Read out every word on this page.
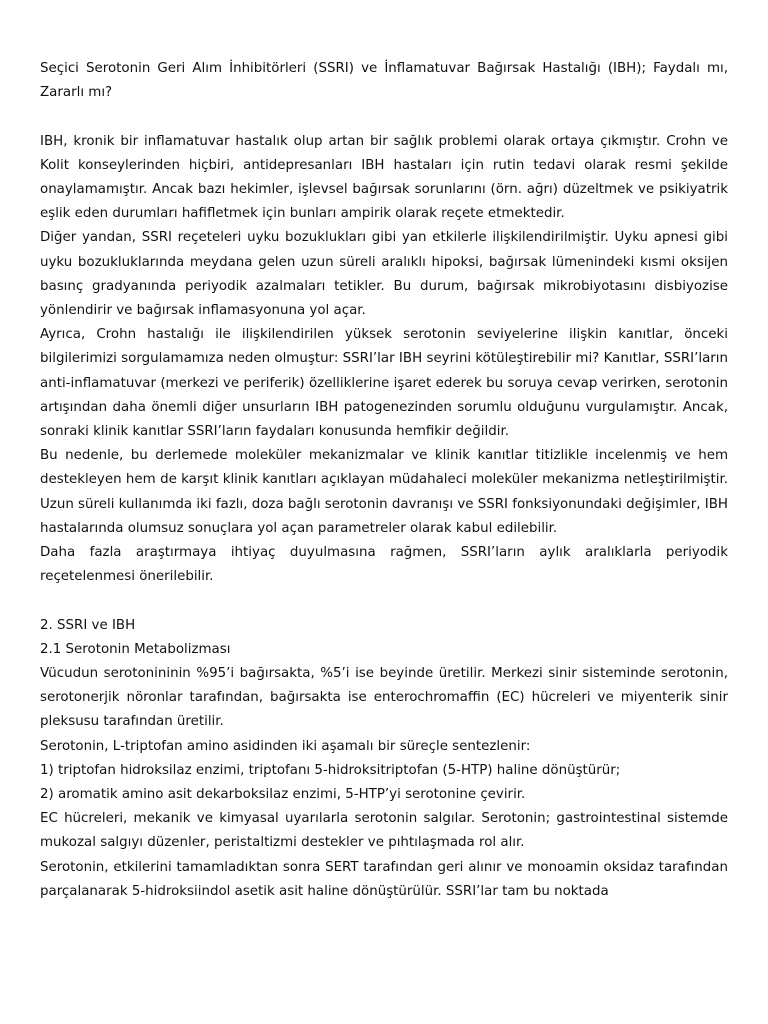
Seçici Serotonin Geri Alım İnhibitörleri (SSRI) ve İnflamatuvar Bağırsak Hastalığı (IBH); Faydalı mı, Zararlı mı?

IBH, kronik bir inflamatuvar hastalık olup artan bir sağlık problemi olarak ortaya çıkmıştır. Crohn ve Kolit konseylerinden hiçbiri, antidepresanları IBH hastaları için rutin tedavi olarak resmi şekilde onaylamamıştır. Ancak bazı hekimler, işlevsel bağırsak sorunlarını (örn. ağrı) düzeltmek ve psikiyatrik eşlik eden durumları hafifletmek için bunları ampirik olarak reçete etmektedir.

Diğer yandan, SSRI reçeteleri uyku bozuklukları gibi yan etkilerle ilişkilendirilmiştir. Uyku apnesi gibi uyku bozukluklarında meydana gelen uzun süreli aralıklı hipoksi, bağırsak lümenindeki kısmi oksijen basınç gradyanında periyodik azalmaları tetikler. Bu durum, bağırsak mikrobiyotasını disbiyozise yönlendirir ve bağırsak inflamasyonuna yol açar.

Ayrıca, Crohn hastalığı ile ilişkilendirilen yüksek serotonin seviyelerine ilişkin kanıtlar, önceki bilgilerimizi sorgulamamıza neden olmuştur: SSRI’lar IBH seyrini kötüleştirebilir mi? Kanıtlar, SSRI’ların anti-inflamatuvar (merkezi ve periferik) özelliklerine işaret ederek bu soruya cevap verirken, serotonin artışından daha önemli diğer unsurların IBH patogenezinden sorumlu olduğunu vurgulamıştır. Ancak, sonraki klinik kanıtlar SSRI’ların faydaları konusunda hemfikir değildir.

Bu nedenle, bu derlemede moleküler mekanizmalar ve klinik kanıtlar titizlikle incelenmiş ve hem destekleyen hem de karşıt klinik kanıtları açıklayan müdahaleci moleküler mekanizma netleştirilmiştir. Uzun süreli kullanımda iki fazlı, doza bağlı serotonin davranışı ve SSRI fonksiyonundaki değişimler, IBH hastalarında olumsuz sonuçlara yol açan parametreler olarak kabul edilebilir.

Daha fazla araştırmaya ihtiyaç duyulmasına rağmen, SSRI’ların aylık aralıklarla periyodik reçetelenmesi önerilebilir.

2. SSRI ve IBH

2.1 Serotonin Metabolizması

Vücudun serotonininin %95’i bağırsakta, %5’i ise beyinde üretilir. Merkezi sinir sisteminde serotonin, serotonerjik nöronlar tarafından, bağırsakta ise enterochromaffin (EC) hücreleri ve miyenterik sinir pleksusu tarafından üretilir.

Serotonin, L-triptofan amino asidinden iki aşamalı bir süreçle sentezlenir:

1) triptofan hidroksilaz enzimi, triptofanı 5-hidroksitriptofan (5-HTP) haline dönüştürür;

2) aromatik amino asit dekarboksilaz enzimi, 5-HTP’yi serotonine çevirir.

EC hücreleri, mekanik ve kimyasal uyarılarla serotonin salgılar. Serotonin; gastrointestinal sistemde mukozal salgıyı düzenler, peristaltizmi destekler ve pıhtılaşmada rol alır.

Serotonin, etkilerini tamamladıktan sonra SERT tarafından geri alınır ve monoamin oksidaz tarafından parçalanarak 5-hidroksiindol asetik asit haline dönüştürülür. SSRI’lar tam bu noktada
